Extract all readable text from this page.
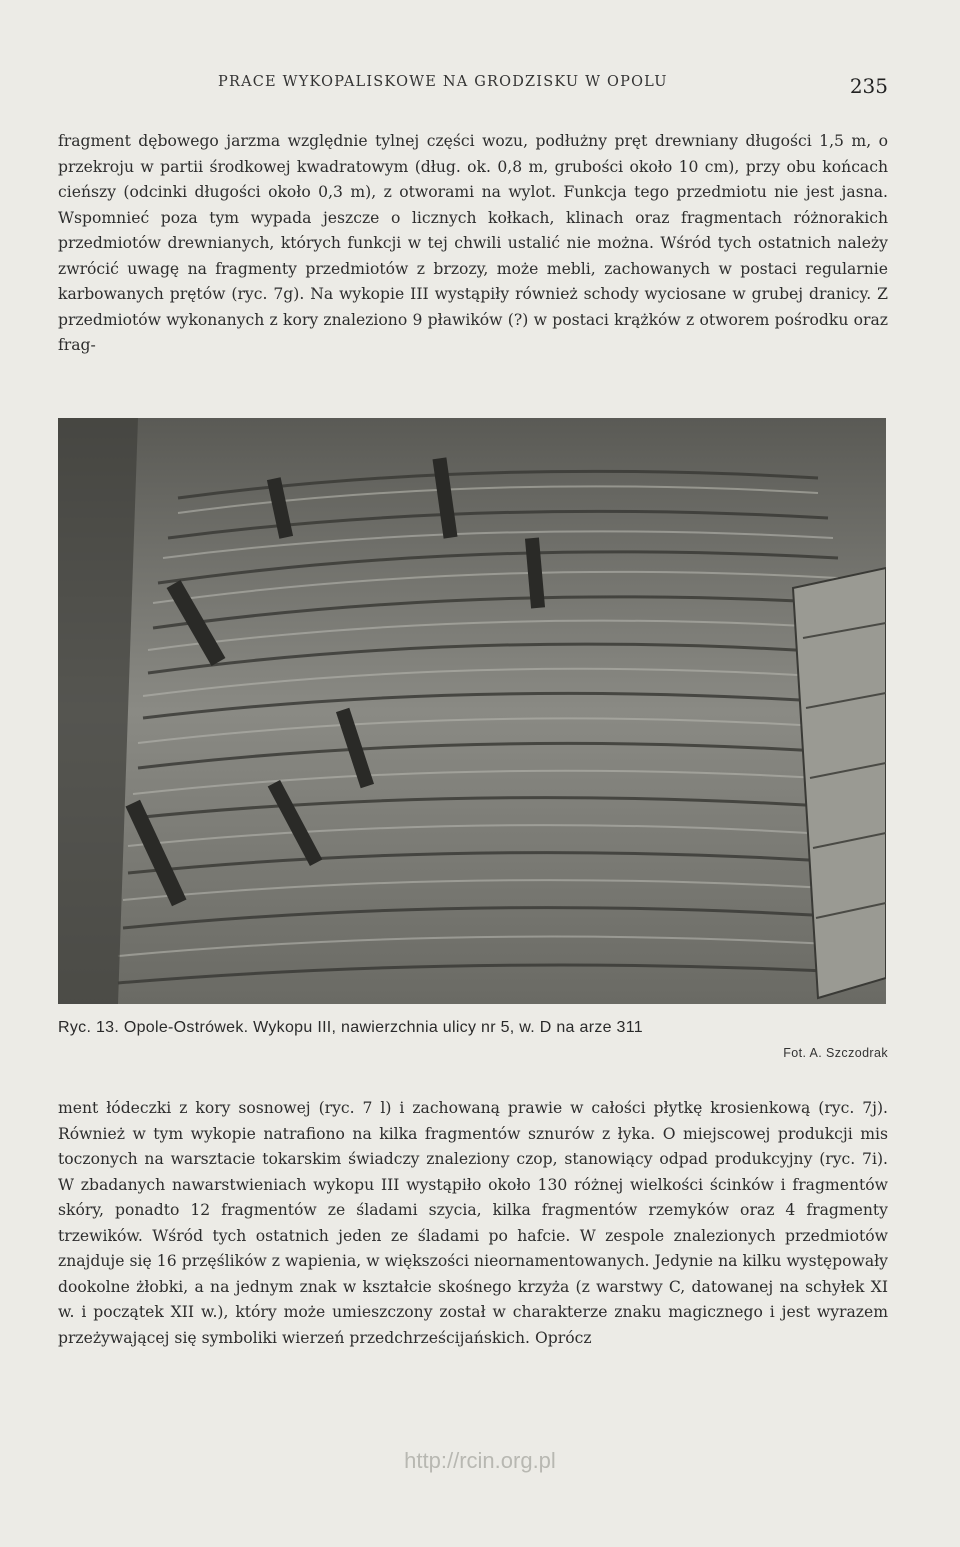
PRACE WYKOPALISKOWE NA GRODZISKU W OPOLU	235
fragment dębowego jarzma względnie tylnej części wozu, podłużny pręt drewniany długości 1,5 m, o przekroju w partii środkowej kwadratowym (dług. ok. 0,8 m, grubości około 10 cm), przy obu końcach cieńszy (odcinki długości około 0,3 m), z otworami na wylot. Funkcja tego przedmiotu nie jest jasna. Wspomnieć poza tym wypada jeszcze o licznych kołkach, klinach oraz fragmentach różnorakich przedmiotów drewnianych, których funkcji w tej chwili ustalić nie można. Wśród tych ostatnich należy zwrócić uwagę na fragmenty przedmiotów z brzozy, może mebli, zachowanych w postaci regularnie karbowanych prętów (ryc. 7g). Na wykopie III wystąpiły również schody wyciosane w grubej dranicy. Z przedmiotów wykonanych z kory znaleziono 9 pławików (?) w postaci krążków z otworem pośrodku oraz frag-
Ryc. 13. Opole-Ostrówek. Wykopu III, nawierzchnia ulicy nr 5, w. D na arze 311
Fot. A. Szczodrak
ment łódeczki z kory sosnowej (ryc. 7 l) i zachowaną prawie w całości płytkę krosienkową (ryc. 7j). Również w tym wykopie natrafiono na kilka fragmentów sznurów z łyka. O miejscowej produkcji mis toczonych na warsztacie tokarskim świadczy znaleziony czop, stanowiący odpad produkcyjny (ryc. 7i). W zbadanych nawarstwieniach wykopu III wystąpiło około 130 różnej wielkości ścinków i fragmentów skóry, ponadto 12 fragmentów ze śladami szycia, kilka fragmentów rzemyków oraz 4 fragmenty trzewików. Wśród tych ostatnich jeden ze śladami po hafcie. W zespole znalezionych przedmiotów znajduje się 16 przęślików z wapienia, w większości nieornamentowanych. Jedynie na kilku występowały dookolne żłobki, a na jednym znak w kształcie skośnego krzyża (z warstwy C, datowanej na schyłek XI w. i początek XII w.), który może umieszczony został w charakterze znaku magicznego i jest wyrazem przeżywającej się symboliki wierzeń przedchrześcijańskich. Oprócz
http://rcin.org.pl
